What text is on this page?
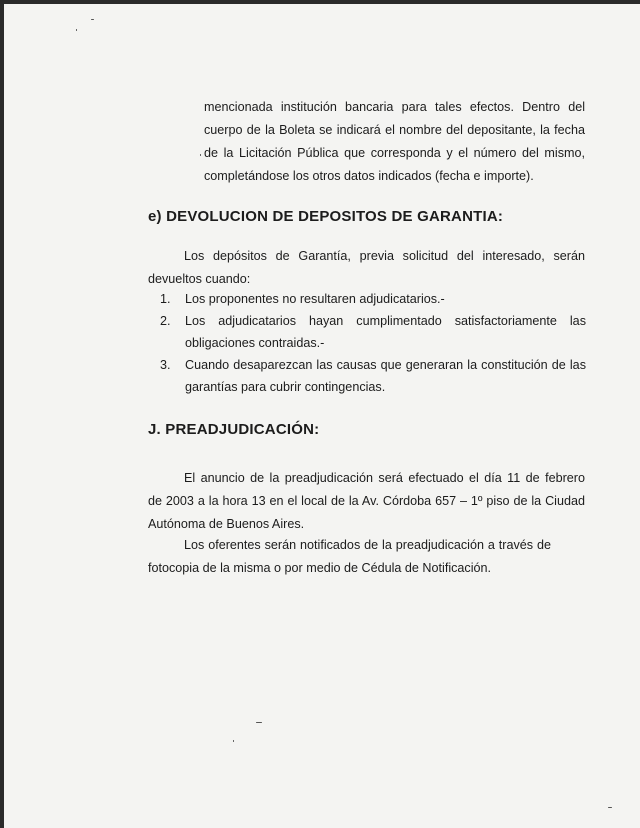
mencionada institución bancaria para tales efectos. Dentro del
cuerpo de la Boleta se indicará el nombre del depositante, la fecha
de la Licitación Pública que corresponda y el número del mismo,
completándose los otros datos indicados (fecha e importe).
e) DEVOLUCION DE DEPOSITOS DE GARANTIA:
Los depósitos de Garantía, previa solicitud del interesado, serán
devueltos cuando:
1. Los proponentes no resultaren adjudicatarios.-
2. Los adjudicatarios hayan cumplimentado satisfactoriamente las
obligaciones contraidas.-
3. Cuando desaparezcan las causas que generaran la constitución de las
garantías para cubrir contingencias.
J. PREADJUDICACIÓN:
El anuncio de la preadjudicación será efectuado el día 11 de febrero
de 2003 a la hora 13 en el local de la Av. Córdoba 657 – 1º piso de la Ciudad
Autónoma de Buenos Aires.
Los oferentes serán notificados de la preadjudicación a través de
fotocopia de la misma o por medio de Cédula de Notificación.
